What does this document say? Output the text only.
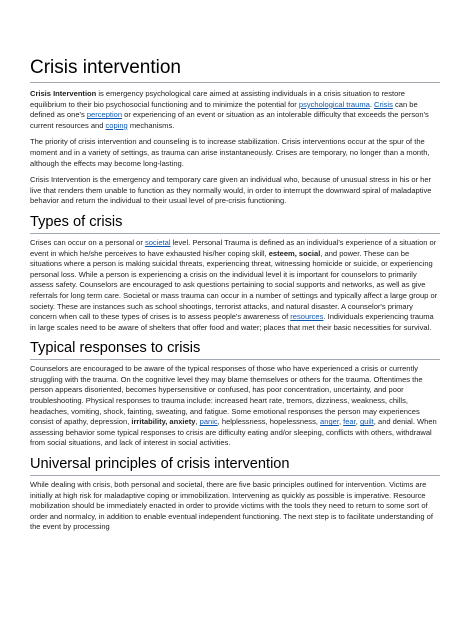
Crisis intervention

Crisis Intervention is emergency psychological care aimed at assisting individuals in a crisis situation to restore equilibrium to their bio psychosocial functioning and to minimize the potential for psychological trauma. Crisis can be defined as one's perception or experiencing of an event or situation as an intolerable difficulty that exceeds the person's current resources and coping mechanisms.

The priority of crisis intervention and counseling is to increase stabilization. Crisis interventions occur at the spur of the moment and in a variety of settings, as trauma can arise instantaneously. Crises are temporary, no longer than a month, although the effects may become long-lasting.

Crisis Intervention is the emergency and temporary care given an individual who, because of unusual stress in his or her live that renders them unable to function as they normally would, in order to interrupt the downward spiral of maladaptive behavior and return the individual to their usual level of pre-crisis functioning.

Types of crisis

Crises can occur on a personal or societal level. Personal Trauma is defined as an individual's experience of a situation or event in which he/she perceives to have exhausted his/her coping skill, esteem, social, and power. These can be situations where a person is making suicidal threats, experiencing threat, witnessing homicide or suicide, or experiencing personal loss. While a person is experiencing a crisis on the individual level it is important for counselors to primarily assess safety. Counselors are encouraged to ask questions pertaining to social supports and networks, as well as give referrals for long term care. Societal or mass trauma can occur in a number of settings and typically affect a large group or society. These are instances such as school shootings, terrorist attacks, and natural disaster. A counselor's primary concern when call to these types of crises is to assess people's awareness of resources. Individuals experiencing trauma in large scales need to be aware of shelters that offer food and water; places that met their basic necessities for survival.

Typical responses to crisis

Counselors are encouraged to be aware of the typical responses of those who have experienced a crisis or currently struggling with the trauma. On the cognitive level they may blame themselves or others for the trauma. Oftentimes the person appears disoriented, becomes hypersensitive or confused, has poor concentration, uncertainty, and poor troubleshooting. Physical responses to trauma include: increased heart rate, tremors, dizziness, weakness, chills, headaches, vomiting, shock, fainting, sweating, and fatigue. Some emotional responses the person may experiences consist of apathy, depression, irritability, anxiety, panic, helplessness, hopelessness, anger, fear, guilt, and denial. When assessing behavior some typical responses to crisis are difficulty eating and/or sleeping, conflicts with others, withdrawal from social situations, and lack of interest in social activities.

Universal principles of crisis intervention

While dealing with crisis, both personal and societal, there are five basic principles outlined for intervention. Victims are initially at high risk for maladaptive coping or immobilization. Intervening as quickly as possible is imperative. Resource mobilization should be immediately enacted in order to provide victims with the tools they need to return to some sort of order and normalcy, in addition to enable eventual independent functioning. The next step is to facilitate understanding of the event by processing
